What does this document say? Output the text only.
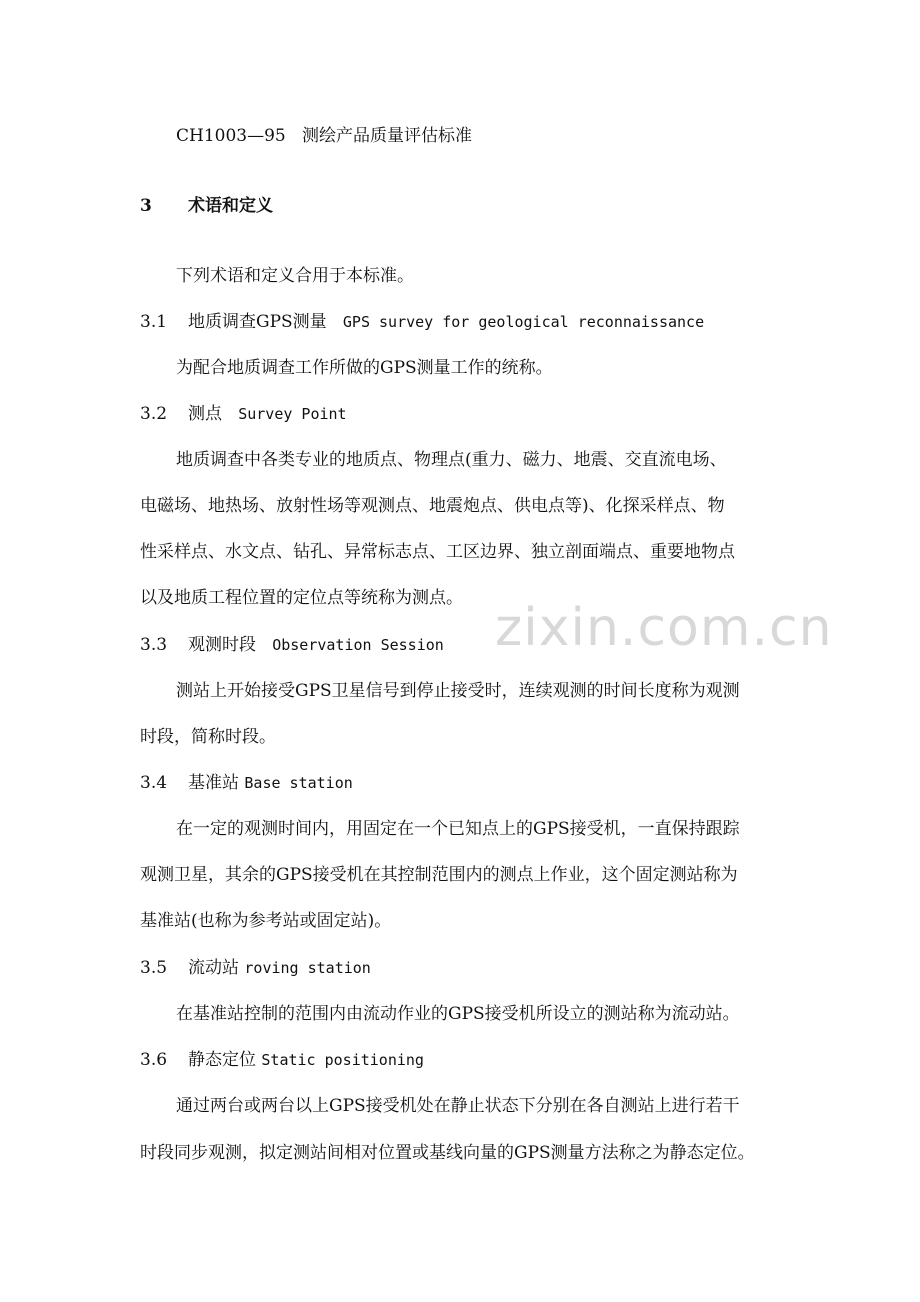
CH1003—95 测绘产品质量评估标准

3 术语和定义

下列术语和定义合用于本标准。

3.1 地质调查GPS测量 GPS survey for geological reconnaissance

为配合地质调查工作所做的GPS测量工作的统称。

3.2 测点 Survey Point

地质调查中各类专业的地质点、物理点(重力、磁力、地震、交直流电场、

电磁场、地热场、放射性场等观测点、地震炮点、供电点等)、化探采样点、物

性采样点、水文点、钻孔、异常标志点、工区边界、独立剖面端点、重要地物点

以及地质工程位置的定位点等统称为测点。

3.3 观测时段 Observation Session

测站上开始接受GPS卫星信号到停止接受时，连续观测的时间长度称为观测

时段，简称时段。

3.4 基准站 Base station

在一定的观测时间内，用固定在一个已知点上的GPS接受机，一直保持跟踪

观测卫星，其余的GPS接受机在其控制范围内的测点上作业，这个固定测站称为

基准站(也称为参考站或固定站)。

3.5 流动站 roving station

在基准站控制的范围内由流动作业的GPS接受机所设立的测站称为流动站。

3.6 静态定位 Static positioning

通过两台或两台以上GPS接受机处在静止状态下分别在各自测站上进行若干

时段同步观测，拟定测站间相对位置或基线向量的GPS测量方法称之为静态定位。

zixin.com.cn
